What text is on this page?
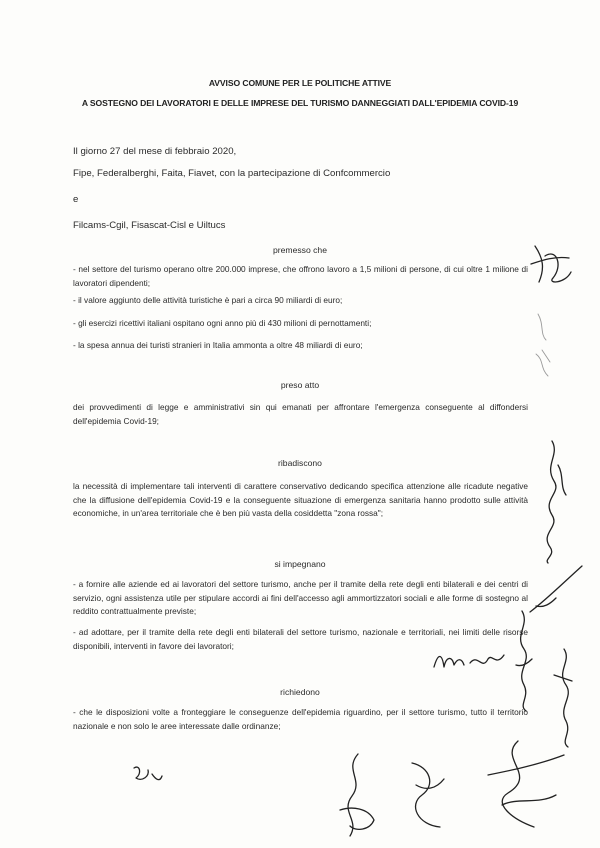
AVVISO COMUNE PER LE POLITICHE ATTIVE
A SOSTEGNO DEI LAVORATORI E DELLE IMPRESE DEL TURISMO DANNEGGIATI DALL'EPIDEMIA COVID-19
Il giorno 27 del mese di febbraio 2020,
Fipe, Federalberghi, Faita, Fiavet, con la partecipazione di Confcommercio
e
Filcams-Cgil, Fisascat-Cisl e Uiltucs
premesso che
- nel settore del turismo operano oltre 200.000 imprese, che offrono lavoro a 1,5 milioni di persone, di cui oltre 1 milione di lavoratori dipendenti;
- il valore aggiunto delle attività turistiche è pari a circa 90 miliardi di euro;
- gli esercizi ricettivi italiani ospitano ogni anno più di 430 milioni di pernottamenti;
- la spesa annua dei turisti stranieri in Italia ammonta a oltre 48 miliardi di euro;
preso atto
dei provvedimenti di legge e amministrativi sin qui emanati per affrontare l'emergenza conseguente al diffondersi dell'epidemia Covid-19;
ribadiscono
la necessità di implementare tali interventi di carattere conservativo dedicando specifica attenzione alle ricadute negative che la diffusione dell'epidemia Covid-19 e la conseguente situazione di emergenza sanitaria hanno prodotto sulle attività economiche, in un'area territoriale che è ben più vasta della cosiddetta "zona rossa";
si impegnano
- a fornire alle aziende ed ai lavoratori del settore turismo, anche per il tramite della rete degli enti bilaterali e dei centri di servizio, ogni assistenza utile per stipulare accordi ai fini dell'accesso agli ammortizzatori sociali e alle forme di sostegno al reddito contrattualmente previste;
- ad adottare, per il tramite della rete degli enti bilaterali del settore turismo, nazionale e territoriali, nei limiti delle risorse disponibili, interventi in favore dei lavoratori;
richiedono
- che le disposizioni volte a fronteggiare le conseguenze dell'epidemia riguardino, per il settore turismo, tutto il territorio nazionale e non solo le aree interessate dalle ordinanze;
